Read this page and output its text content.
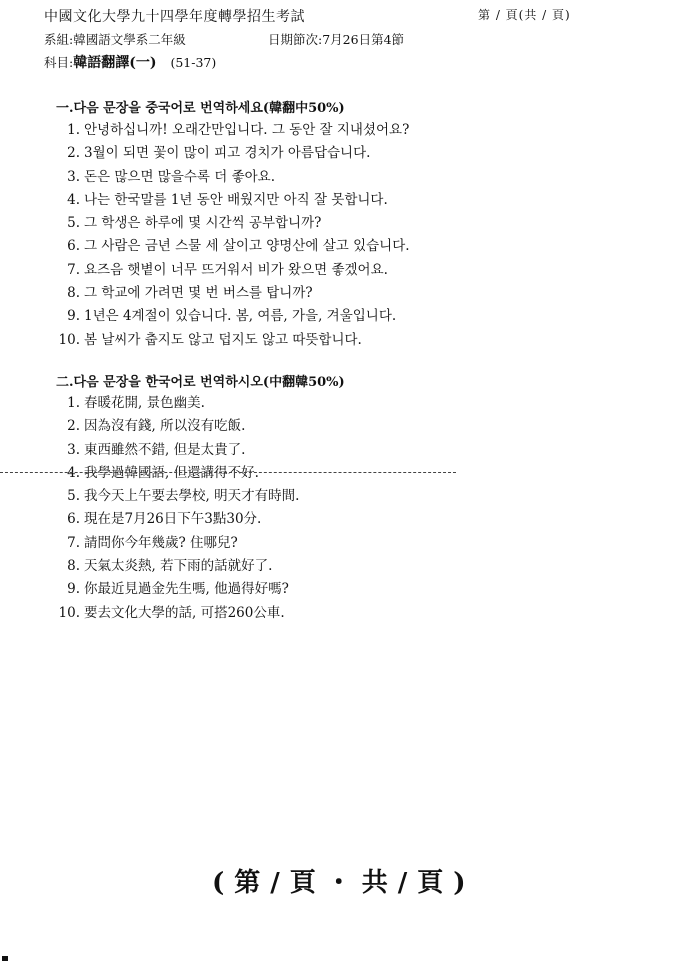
中國文化大學九十四學年度轉學招生考試	第 / 頁(共 / 頁)
系組:韓國語文學系二年級	日期節次:7月26日第4節
科目:韓語翻譯(一) (51-37)
一.다음 문장을 중국어로 번역하세요(韓翻中50%)
1. 안녕하십니까! 오래간만입니다. 그 동안 잘 지내셨어요?
2. 3월이 되면 꽃이 많이 피고 경치가 아름답습니다.
3. 돈은 많으면 많을수록 더 좋아요.
4. 나는 한국말를 1년 동안 배웠지만 아직 잘 못합니다.
5. 그 학생은 하루에 몇 시간씩 공부합니까?
6. 그 사람은 금년 스물 세 살이고 양명산에 살고 있습니다.
7. 요즈음 햇볕이 너무 뜨거워서 비가 왔으면 좋겠어요.
8. 그 학교에 가려면 몇 번 버스를 탑니까?
9. 1년은 4계절이 있습니다. 봄, 여름, 가을, 겨울입니다.
10. 봄 날씨가 춥지도 않고 덥지도 않고 따뜻합니다.
二.다음 문장을 한국어로 번역하시오(中翻韓50%)
1. 春暖花開, 景色幽美.
2. 因為沒有錢, 所以沒有吃飯.
3. 東西雖然不錯, 但是太貴了.
4. 我學過韓國語, 但還講得不好.
5. 我今天上午要去學校, 明天才有時間.
6. 現在是7月26日下午3點30分.
7. 請問你今年幾歲? 住哪兒?
8. 天氣太炎熱, 若下雨的話就好了.
9. 你最近見過金先生嗎, 他過得好嗎?
10. 要去文化大學的話, 可搭260公車.
(第/頁・共/頁)
